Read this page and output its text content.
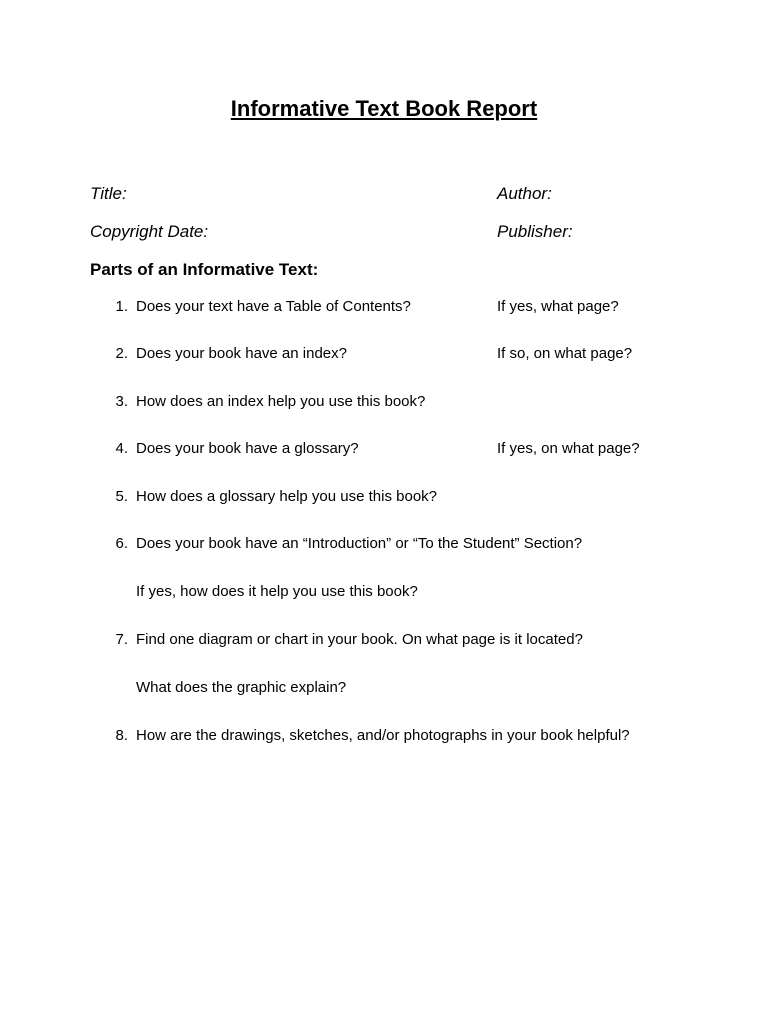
Informative Text Book Report
Title:	Author:
Copyright Date:	Publisher:
Parts of an Informative Text:
1. Does your text have a Table of Contents?	If yes, what page?
2. Does your book have an index?	If so, on what page?
3. How does an index help you use this book?
4. Does your book have a glossary?	If yes, on what page?
5. How does a glossary help you use this book?
6. Does your book have an “Introduction” or “To the Student” Section?
If yes, how does it help you use this book?
7. Find one diagram or chart in your book. On what page is it located?
What does the graphic explain?
8. How are the drawings, sketches, and/or photographs in your book helpful?
